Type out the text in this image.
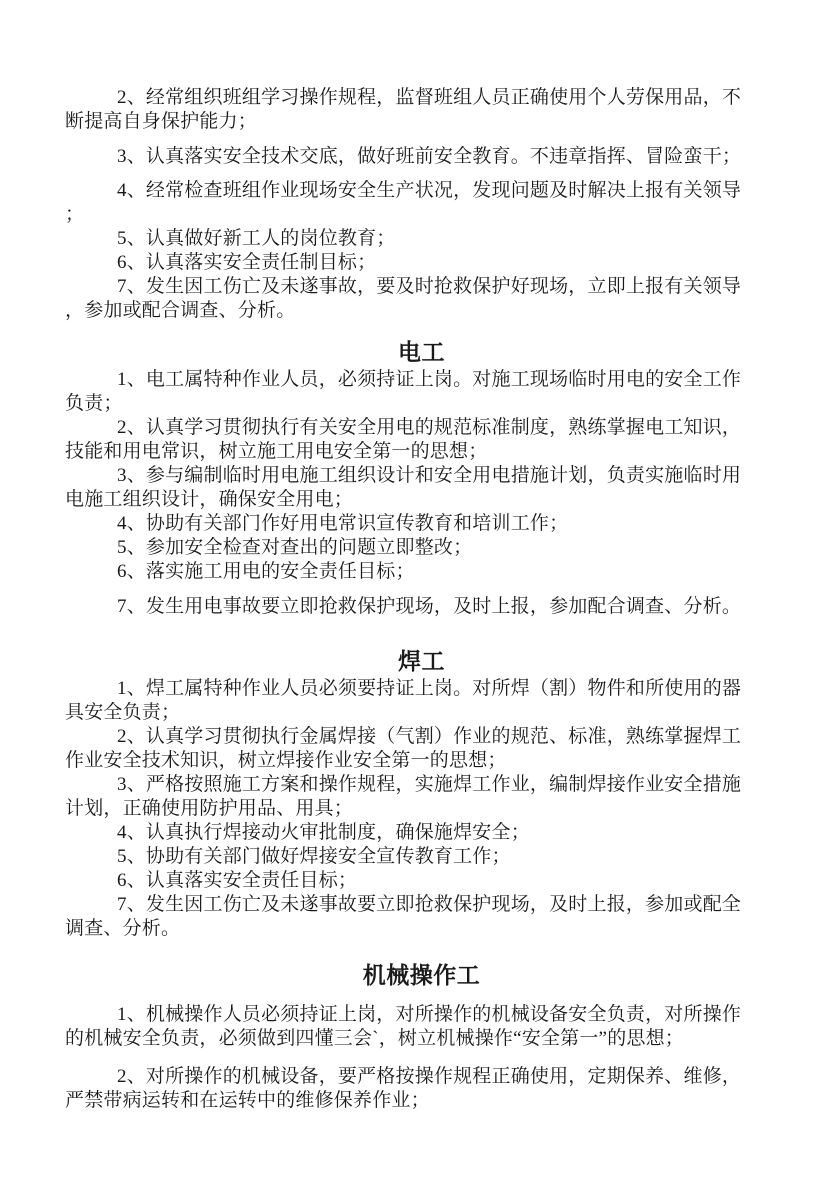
2、经常组织班组学习操作规程，监督班组人员正确使用个人劳保用品，不
断提高自身保护能力；
3、认真落实安全技术交底，做好班前安全教育。不违章指挥、冒险蛮干；
4、经常检查班组作业现场安全生产状况，发现问题及时解决上报有关领导
；
5、认真做好新工人的岗位教育；
6、认真落实安全责任制目标；
7、发生因工伤亡及未遂事故，要及时抢救保护好现场，立即上报有关领导
，参加或配合调查、分析。
电工
1、电工属特种作业人员，必须持证上岗。对施工现场临时用电的安全工作
负责；
2、认真学习贯彻执行有关安全用电的规范标准制度，熟练掌握电工知识，
技能和用电常识，树立施工用电安全第一的思想；
3、参与编制临时用电施工组织设计和安全用电措施计划，负责实施临时用
电施工组织设计，确保安全用电；
4、协助有关部门作好用电常识宣传教育和培训工作；
5、参加安全检查对查出的问题立即整改；
6、落实施工用电的安全责任目标；
7、发生用电事故要立即抢救保护现场，及时上报，参加配合调查、分析。
焊工
1、焊工属特种作业人员必须要持证上岗。对所焊（割）物件和所使用的器
具安全负责；
2、认真学习贯彻执行金属焊接（气割）作业的规范、标准，熟练掌握焊工
作业安全技术知识，树立焊接作业安全第一的思想；
3、严格按照施工方案和操作规程，实施焊工作业，编制焊接作业安全措施
计划，正确使用防护用品、用具；
4、认真执行焊接动火审批制度，确保施焊安全；
5、协助有关部门做好焊接安全宣传教育工作；
6、认真落实安全责任目标；
7、发生因工伤亡及未遂事故要立即抢救保护现场，及时上报，参加或配全
调查、分析。
机械操作工
1、机械操作人员必须持证上岗，对所操作的机械设备安全负责，对所操作
的机械安全负责，必须做到四懂三会`，树立机械操作“安全第一”的思想；
2、对所操作的机械设备，要严格按操作规程正确使用，定期保养、维修，
严禁带病运转和在运转中的维修保养作业；
